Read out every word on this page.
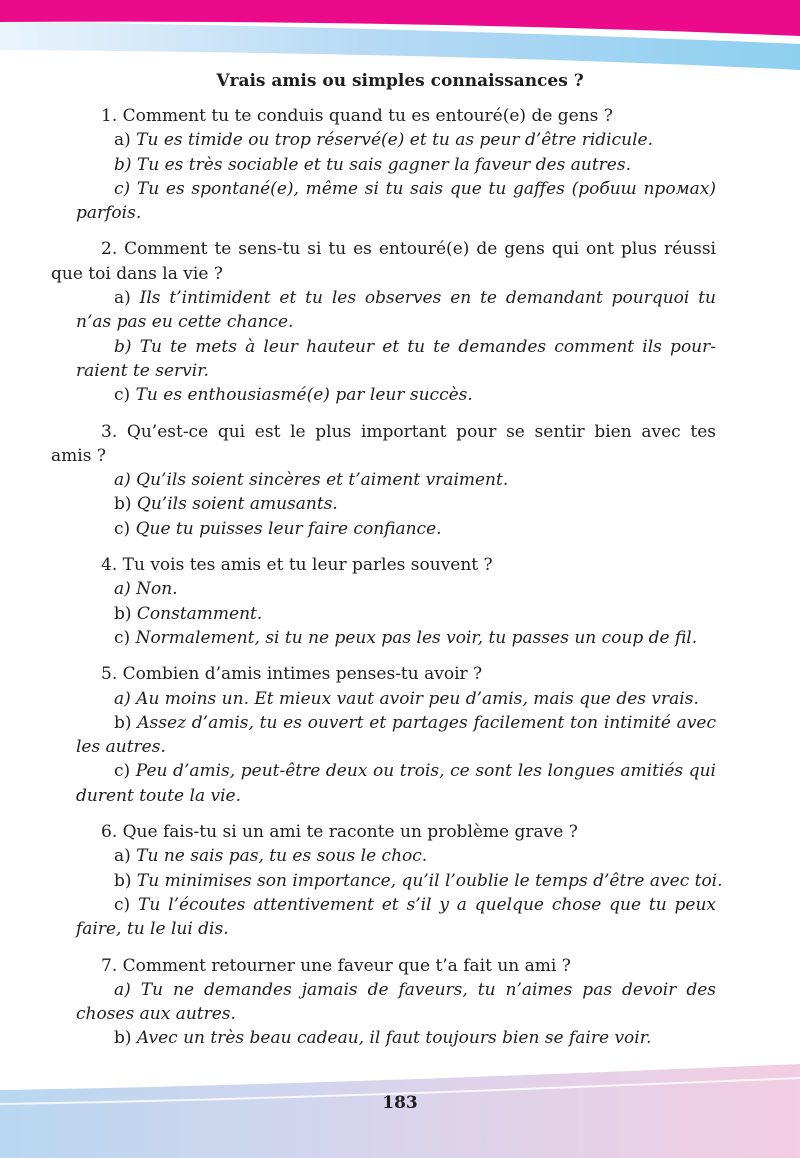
Vrais amis ou simples connaissances ?
1. Comment tu te conduis quand tu es entouré(e) de gens ?
a) Tu es timide ou trop réservé(e) et tu as peur d’être ridicule.
b) Tu es très sociable et tu sais gagner la faveur des autres.
c) Tu es spontané(e), même si tu sais que tu gaffes (робиш промах)
parfois.
2. Comment te sens-tu si tu es entouré(e) de gens qui ont plus réussi
que toi dans la vie ?
a) Ils t’intimident et tu les observes en te demandant pourquoi tu
n’as pas eu cette chance.
b) Tu te mets à leur hauteur et tu te demandes comment ils pour-
raient te servir.
c) Tu es enthousiasmé(e) par leur succès.
3. Qu’est-ce qui est le plus important pour se sentir bien avec tes
amis ?
a) Qu’ils soient sincères et t’aiment vraiment.
b) Qu’ils soient amusants.
c) Que tu puisses leur faire confiance.
4. Tu vois tes amis et tu leur parles souvent ?
a) Non.
b) Constamment.
c) Normalement, si tu ne peux pas les voir, tu passes un coup de fil.
5. Combien d’amis intimes penses-tu avoir ?
a) Au moins un. Et mieux vaut avoir peu d’amis, mais que des vrais.
b) Assez d’amis, tu es ouvert et partages facilement ton intimité avec
les autres.
c) Peu d’amis, peut-être deux ou trois, ce sont les longues amitiés qui
durent toute la vie.
6. Que fais-tu si un ami te raconte un problème grave ?
a) Tu ne sais pas, tu es sous le choc.
b) Tu minimises son importance, qu’il l’oublie le temps d’être avec toi.
c) Tu l’écoutes attentivement et s’il y a quelque chose que tu peux
faire, tu le lui dis.
7. Comment retourner une faveur que t’a fait un ami ?
a) Tu ne demandes jamais de faveurs, tu n’aimes pas devoir des
choses aux autres.
b) Avec un très beau cadeau, il faut toujours bien se faire voir.
183
